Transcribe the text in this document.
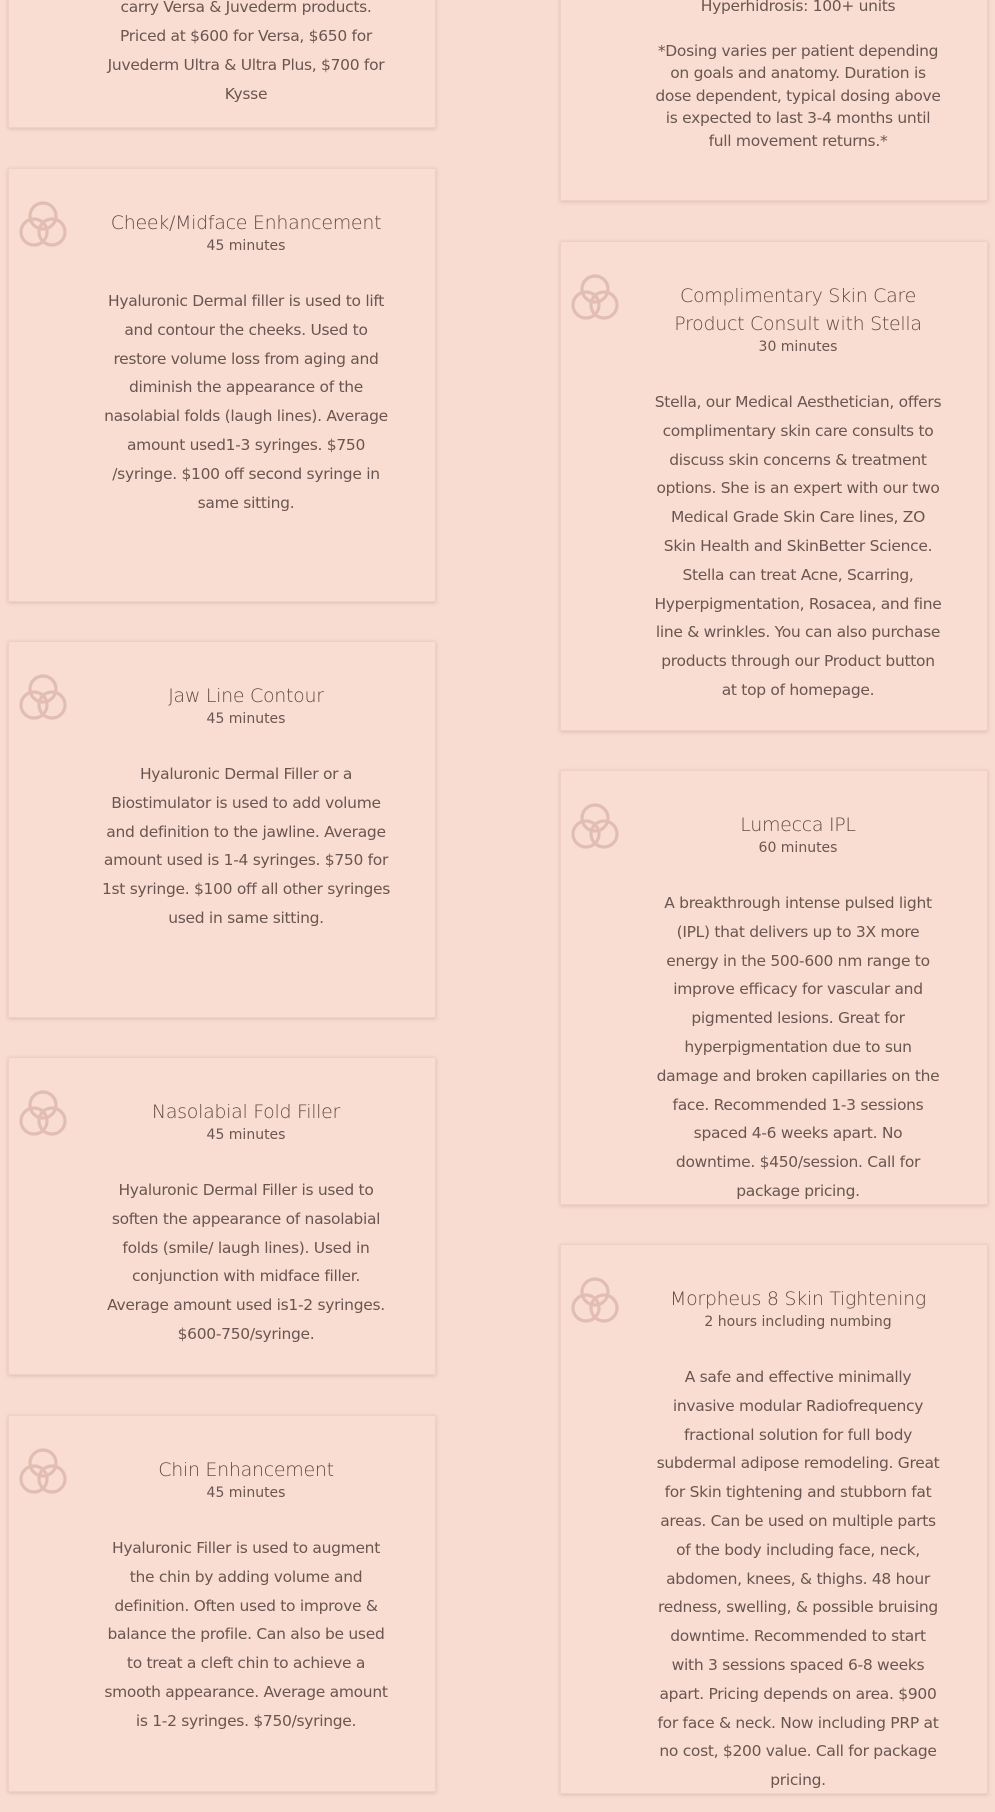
carry Versa & Juvederm products. Priced at $600 for Versa, $650 for Juvederm Ultra & Ultra Plus, $700 for Kysse
Hyperhidrosis: 100+ units
*Dosing varies per patient depending on goals and anatomy. Duration is dose dependent, typical dosing above is expected to last 3-4 months until full movement returns.*
Cheek/Midface Enhancement
45 minutes
Hyaluronic Dermal filler is used to lift and contour the cheeks. Used to restore volume loss from aging and diminish the appearance of the nasolabial folds (laugh lines). Average amount used1-3 syringes. $750 /syringe. $100 off second syringe in same sitting.
Jaw Line Contour
45 minutes
Hyaluronic Dermal Filler or a Biostimulator is used to add volume and definition to the jawline. Average amount used is 1-4 syringes. $750 for 1st syringe. $100 off all other syringes used in same sitting.
Nasolabial Fold Filler
45 minutes
Hyaluronic Dermal Filler is used to soften the appearance of nasolabial folds (smile/ laugh lines). Used in conjunction with midface filler. Average amount used is1-2 syringes. $600-750/syringe.
Chin Enhancement
45 minutes
Hyaluronic Filler is used to augment the chin by adding volume and definition. Often used to improve & balance the profile. Can also be used to treat a cleft chin to achieve a smooth appearance. Average amount is 1-2 syringes. $750/syringe.
Complimentary Skin Care Product Consult with Stella
30 minutes
Stella, our Medical Aesthetician, offers complimentary skin care consults to discuss skin concerns & treatment options. She is an expert with our two Medical Grade Skin Care lines, ZO Skin Health and SkinBetter Science. Stella can treat Acne, Scarring, Hyperpigmentation, Rosacea, and fine line & wrinkles. You can also purchase products through our Product button at top of homepage.
Lumecca IPL
60 minutes
A breakthrough intense pulsed light (IPL) that delivers up to 3X more energy in the 500-600 nm range to improve efficacy for vascular and pigmented lesions. Great for hyperpigmentation due to sun damage and broken capillaries on the face. Recommended 1-3 sessions spaced 4-6 weeks apart. No downtime. $450/session. Call for package pricing.
Morpheus 8 Skin Tightening
2 hours including numbing
A safe and effective minimally invasive modular Radiofrequency fractional solution for full body subdermal adipose remodeling. Great for Skin tightening and stubborn fat areas. Can be used on multiple parts of the body including face, neck, abdomen, knees, & thighs. 48 hour redness, swelling, & possible bruising downtime. Recommended to start with 3 sessions spaced 6-8 weeks apart. Pricing depends on area. $900 for face & neck. Now including PRP at no cost, $200 value. Call for package pricing.
